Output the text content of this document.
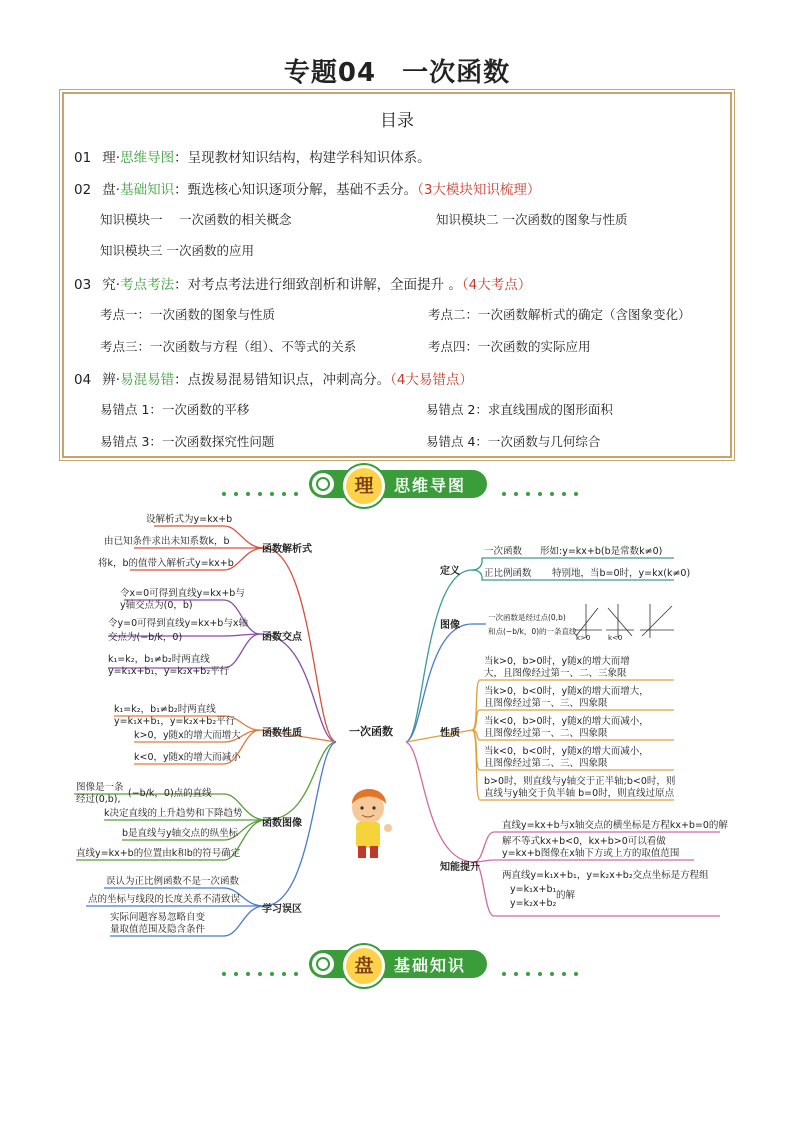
专题04 一次函数
目录
01 理·思维导图：呈现教材知识结构，构建学科知识体系。
02 盘·基础知识：甄选核心知识逐项分解，基础不丢分。（3大模块知识梳理）
知识模块一　 一次函数的相关概念	知识模块二 一次函数的图象与性质
知识模块三 一次函数的应用
03 究·考点考法：对考点考法进行细致剖析和讲解，全面提升 。（4大考点）
考点一：一次函数的图象与性质	考点二：一次函数解析式的确定（含图象变化）
考点三：一次函数与方程（组）、不等式的关系	考点四：一次函数的实际应用
04 辨·易混易错：点拨易混易错知识点，冲刺高分。（4大易错点）
易错点 1：一次函数的平移	易错点 2：求直线围成的图形面积
易错点 3：一次函数探究性问题	易错点 4：一次函数与几何综合
理	思维导图
一次函数
函数解析式
设解析式为y=kx+b
由已知条件求出未知系数k，b
将k，b的值带入解析式y=kx+b
函数交点
令x=0可得到直线y=kx+b与
y轴交点为(0，b)
令y=0可得到直线y=kx+b与x轴
交点为(−b/k，0)
k₁=k₂，b₁≠b₂时两直线
y=k₁x+b₁，y=k₂x+b₂平行
函数性质
k₁=k₂，b₁≠b₂时两直线
y=k₁x+b₁，y=k₂x+b₂平行
k>0，y随x的增大而增大
k<0，y随x的增大而减小
函数图像
图像是一条
经过(0,b),
(−b/k，0)点的直线
k决定直线的上升趋势和下降趋势
b是直线与y轴交点的纵坐标
直线y=kx+b的位置由k和b的符号确定
学习误区
误认为正比例函数不是一次函数
点的坐标与线段的长度关系不清致误
实际问题容易忽略自变
量取值范围及隐含条件
定义
一次函数 形如:y=kx+b(b是常数k≠0)
正比例函数 特别地，当b=0时，y=kx(k≠0)
图像
一次函数是经过点(0,b)
和点(−b/k，0)的一条直线
k>0	k<0
性质
当k>0，b>0时，y随x的增大而增
大，且图像经过第一、二、三象限
当k>0，b<0时，y随x的增大而增大，
且图像经过第一、三、四象限
当k<0，b>0时，y随x的增大而减小，
且图像经过第一、二、四象限
当k<0，b<0时，y随x的增大而减小，
且图像经过第二、三、四象限
b>0时，则直线与y轴交于正半轴;b<0时，则
直线与y轴交于负半轴 b=0时，则直线过原点
知能提升
直线y=kx+b与x轴交点的横坐标是方程kx+b=0的解
解不等式kx+b<0，kx+b>0可以看做
y=kx+b图像在x轴下方或上方的取值范围
两直线y=k₁x+b₁，y=k₂x+b₂交点坐标是方程组
y=k₁x+b₁
y=k₂x+b₂
的解
盘	基础知识
